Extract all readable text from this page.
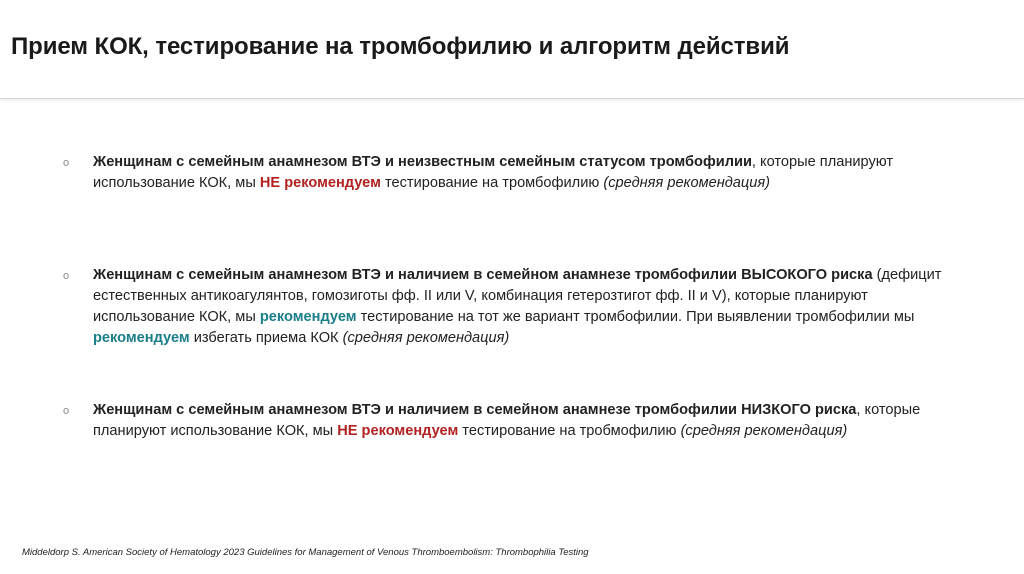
Прием КОК, тестирование на тромбофилию и алгоритм действий
o Женщинам с семейным анамнезом ВТЭ и неизвестным семейным статусом тромбофилии, которые планируют использование КОК, мы НЕ рекомендуем тестирование на тромбофилию (средняя рекомендация)
o Женщинам с семейным анамнезом ВТЭ и наличием в семейном анамнезе тромбофилии ВЫСОКОГО риска (дефицит естественных антикоагулянтов, гомозиготы фф. II или V, комбинация гетерозтигот фф. II и V), которые планируют использование КОК, мы рекомендуем тестирование на тот же вариант тромбофилии. При выявлении тромбофилии мы рекомендуем избегать приема КОК (средняя рекомендация)
o Женщинам с семейным анамнезом ВТЭ и наличием в семейном анамнезе тромбофилии НИЗКОГО риска, которые планируют использование КОК, мы НЕ рекомендуем тестирование на тробмофилию (средняя рекомендация)
Middeldorp S. American Society of Hematology 2023 Guidelines for Management of Venous Thromboembolism: Thrombophilia Testing
